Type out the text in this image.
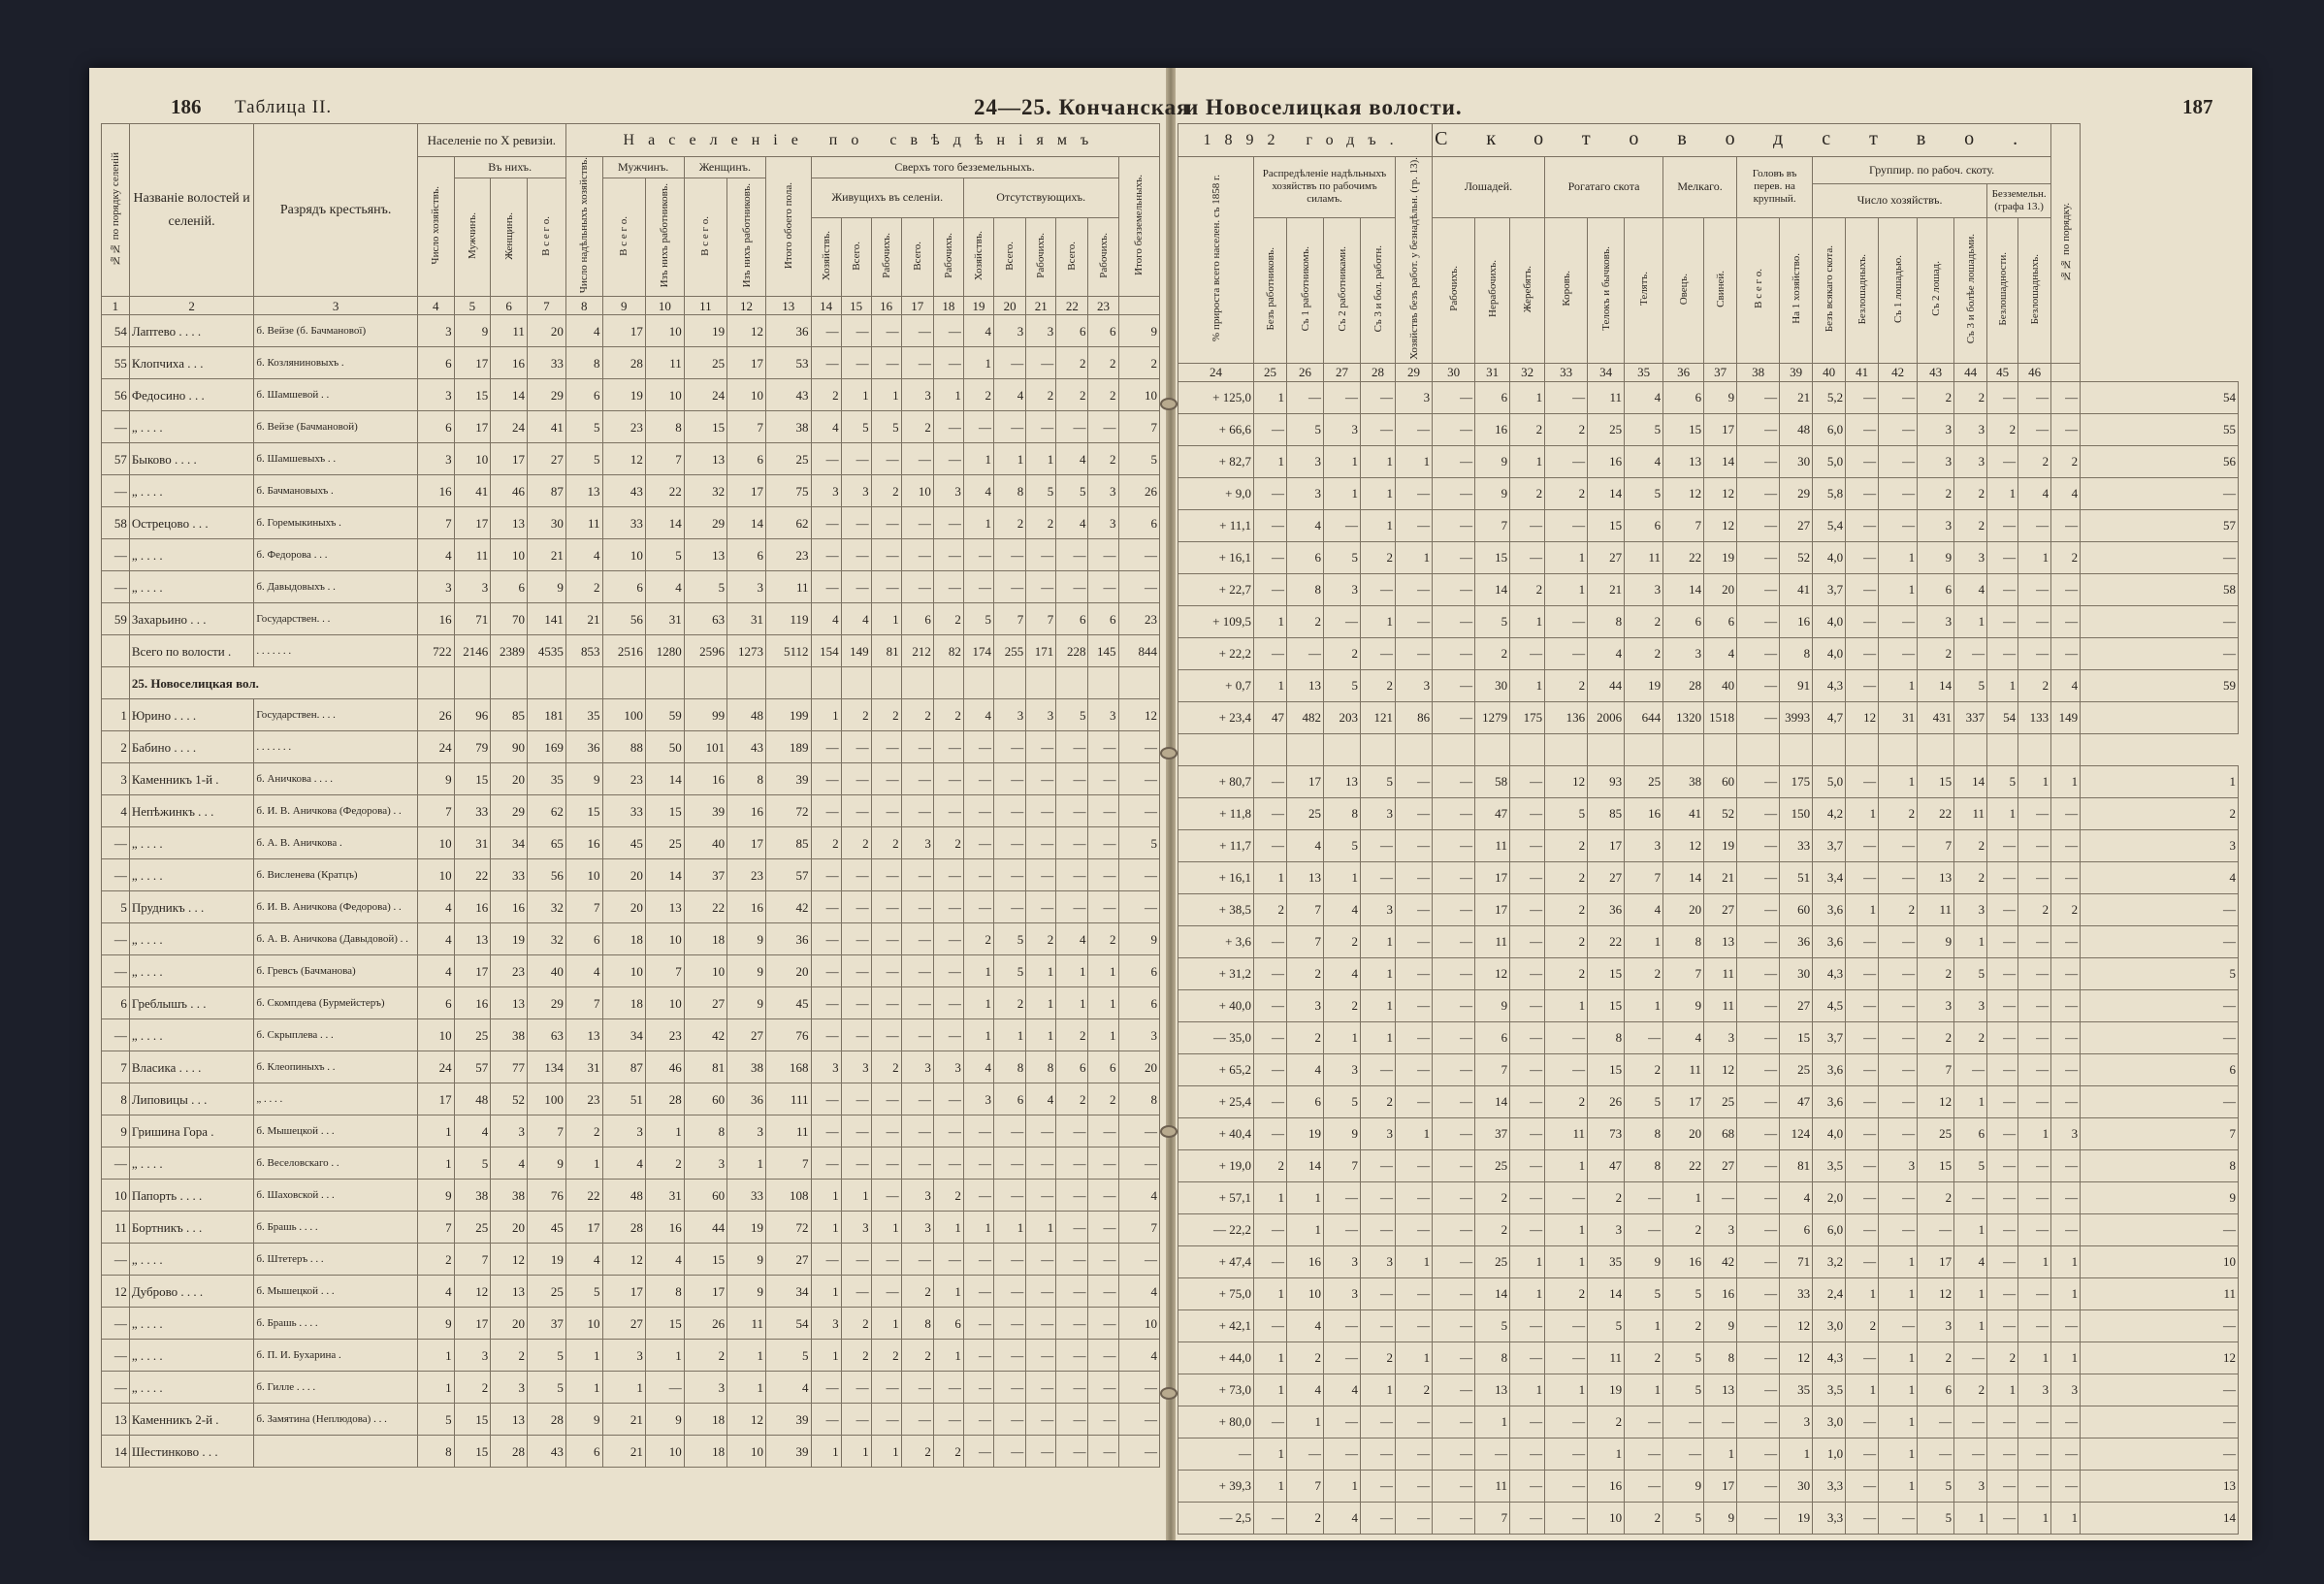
186 Таблица II.	24—25. Кончанская
№№ по порядку селеній	Названіе волостей и селеній.	Разрядъ крестьянъ.	Населеніе по X ревизіи.				Населеніе по свѣдѣніямъ																
			Число хозяйствъ.	Въ нихъ.			Число надѣльныхъ хозяйствъ.	Мужчинъ.		Женщинъ.		Итого обоего пола.	Сверхъ того безземельныхъ.										Итого безземельныхъ.
				Мужчинъ.	Женщинъ.	В с е г о.		В с е г о.	Изъ нихъ работниковъ.	В с е г о.	Изъ нихъ работниковъ.		Живущихъ въ селеніи.					Отсутствующихъ.					
													Хозяйствъ.	Всего.	Рабочихъ.	Всего.	Рабочихъ.	Хозяйствъ.	Всего.	Рабочихъ.	Всего.	Рабочихъ.	
1	2	3	4	5	6	7	8	9	10	11	12	13	14	15	16	17	18	19	20	21	22	23	
54	Лаптево . . . .	б. Вейзе (б. Бачманової)	3	9	11	20	4	17	10	19	12	36	—	—	—	—	—	4	3	3	6	6	9
55	Клопчиха . . .	б. Козляниновыхъ .	6	17	16	33	8	28	11	25	17	53	—	—	—	—	—	1	—	—	2	2	2
56	Федосино . . .	б. Шамшевой . .	3	15	14	29	6	19	10	24	10	43	2	1	1	3	1	2	4	2	2	2	10
—	„ . . . .	б. Вейзе (Бачмановой)	6	17	24	41	5	23	8	15	7	38	4	5	5	2	—	—	—	—	—	—	7
57	Быково . . . .	б. Шамшевыхъ . .	3	10	17	27	5	12	7	13	6	25	—	—	—	—	—	1	1	1	4	2	5
—	„ . . . .	б. Бачмановыхъ .	16	41	46	87	13	43	22	32	17	75	3	3	2	10	3	4	8	5	5	3	26
58	Острецово . . .	б. Горемыкиныхъ .	7	17	13	30	11	33	14	29	14	62	—	—	—	—	—	1	2	2	4	3	6
—	„ . . . .	б. Федорова . . .	4	11	10	21	4	10	5	13	6	23	—	—	—	—	—	—	—	—	—	—	—
—	„ . . . .	б. Давыдовыхъ . .	3	3	6	9	2	6	4	5	3	11	—	—	—	—	—	—	—	—	—	—	—
59	Захарьино . . .	Государствен. . .	16	71	70	141	21	56	31	63	31	119	4	4	1	6	2	5	7	7	6	6	23
	Всего по волости .	. . . . . . .	722	2146	2389	4535	853	2516	1280	2596	1273	5112	154	149	81	212	82	174	255	171	228	145	844
	25. Новоселицкая вол.																						
1	Юрино . . . .	Государствен. . . .	26	96	85	181	35	100	59	99	48	199	1	2	2	2	2	4	3	3	5	3	12
2	Бабино . . . .	. . . . . . .	24	79	90	169	36	88	50	101	43	189	—	—	—	—	—	—	—	—	—	—	—
3	Каменникъ 1-й .	б. Аничкова . . . .	9	15	20	35	9	23	14	16	8	39	—	—	—	—	—	—	—	—	—	—	—
4	Непѣжинкъ . . .	б. И. В. Аничкова (Федорова) . .	7	33	29	62	15	33	15	39	16	72	—	—	—	—	—	—	—	—	—	—	—
—	„ . . . .	б. А. В. Аничкова .	10	31	34	65	16	45	25	40	17	85	2	2	2	3	2	—	—	—	—	—	5
—	„ . . . .	б. Висленева (Кратцъ)	10	22	33	56	10	20	14	37	23	57	—	—	—	—	—	—	—	—	—	—	—
5	Прудникъ . . .	б. И. В. Аничкова (Федорова) . .	4	16	16	32	7	20	13	22	16	42	—	—	—	—	—	—	—	—	—	—	—
—	„ . . . .	б. А. В. Аничкова (Давыдовой) . .	4	13	19	32	6	18	10	18	9	36	—	—	—	—	—	2	5	2	4	2	9
—	„ . . . .	б. Гревсъ (Бачманова)	4	17	23	40	4	10	7	10	9	20	—	—	—	—	—	1	5	1	1	1	6
6	Греблышъ . . .	б. Скомпдева (Бурмейстеръ)	6	16	13	29	7	18	10	27	9	45	—	—	—	—	—	1	2	1	1	1	6
—	„ . . . .	б. Скрыплева . . .	10	25	38	63	13	34	23	42	27	76	—	—	—	—	—	1	1	1	2	1	3
7	Власика . . . .	б. Клеопиныхъ . .	24	57	77	134	31	87	46	81	38	168	3	3	2	3	3	4	8	8	6	6	20
8	Липовицы . . .	„ . . . .	17	48	52	100	23	51	28	60	36	111	—	—	—	—	—	3	6	4	2	2	8
9	Гришина Гора .	б. Мышецкой . . .	1	4	3	7	2	3	1	8	3	11	—	—	—	—	—	—	—	—	—	—	—
—	„ . . . .	б. Веселовскаго . .	1	5	4	9	1	4	2	3	1	7	—	—	—	—	—	—	—	—	—	—	—
10	Папорть . . . .	б. Шаховской . . .	9	38	38	76	22	48	31	60	33	108	1	1	—	3	2	—	—	—	—	—	4
11	Бортникъ . . .	б. Брашь . . . .	7	25	20	45	17	28	16	44	19	72	1	3	1	3	1	1	1	1	—	—	7
—	„ . . . .	б. Штетеръ . . .	2	7	12	19	4	12	4	15	9	27	—	—	—	—	—	—	—	—	—	—	—
12	Дуброво . . . .	б. Мышецкой . . .	4	12	13	25	5	17	8	17	9	34	1	—	—	2	1	—	—	—	—	—	4
—	„ . . . .	б. Брашь . . . .	9	17	20	37	10	27	15	26	11	54	3	2	1	8	6	—	—	—	—	—	10
—	„ . . . .	б. П. И. Бухарина .	1	3	2	5	1	3	1	2	1	5	1	2	2	2	1	—	—	—	—	—	4
—	„ . . . .	б. Гилле . . . .	1	2	3	5	1	1	—	3	1	4	—	—	—	—	—	—	—	—	—	—	—
13	Каменникъ 2-й .	б. Замятина (Неплюдова) . . .	5	15	13	28	9	21	9	18	12	39	—	—	—	—	—	—	—	—	—	—	—
14	Шестинково . . .		8	15	28	43	6	21	10	18	10	39	1	1	1	2	2	—	—	—	—	—	—
и Новоселицкая волости.	187
1892 годъ.						Скотоводство.																	№№ по порядку.	
% прироста всего населен. съ 1858 г.	Распредѣленіе надѣльныхъ хозяйствъ по рабочимъ силамъ.				Хозяйствъ безъ работ. у безнадѣльн. (гр. 13).	Лошадей.			Рогатаго скота			Мелкаго.		Головъ въ перев. на крупный.		Группир. по рабоч. скоту.								
																Число хозяйствъ.					Безземельн. (графа 13.)			

	Безъ работниковъ.	Съ 1 работникомъ.	Съ 2 работниками.	Съ 3 и бол. работн.		Рабочихъ.	Нерабочихъ.	Жеребятъ.	Коровъ.	Телокъ и бычковъ.	Телятъ.	Овецъ.	Свиней.	В с е г о.	На 1 хозяйство.	Безъ всякаго скота.	Безлошадныхъ.	Съ 1 лошадью.	Съ 2 лошад.	Съ 3 и болѣе лошадьми.	Безлошадности.	Безлошадныхъ.		
24	25	26	27	28	29	30	31	32	33	34	35	36	37	38	39	40	41	42	43	44	45	46		
+ 125,0	1	—	—	—	3	—	6	1	—	11	4	6	9	—	21	5,2	—	—	2	2	—	—	—	54
+ 66,6	—	5	3	—	—	—	16	2	2	25	5	15	17	—	48	6,0	—	—	3	3	2	—	—	55
+ 82,7	1	3	1	1	1	—	9	1	—	16	4	13	14	—	30	5,0	—	—	3	3	—	2	2	56
+ 9,0	—	3	1	1	—	—	9	2	2	14	5	12	12	—	29	5,8	—	—	2	2	1	4	4	—
+ 11,1	—	4	—	1	—	—	7	—	—	15	6	7	12	—	27	5,4	—	—	3	2	—	—	—	57
+ 16,1	—	6	5	2	1	—	15	—	1	27	11	22	19	—	52	4,0	—	1	9	3	—	1	2	—
+ 22,7	—	8	3	—	—	—	14	2	1	21	3	14	20	—	41	3,7	—	1	6	4	—	—	—	58
+ 109,5	1	2	—	1	—	—	5	1	—	8	2	6	6	—	16	4,0	—	—	3	1	—	—	—	—
+ 22,2	—	—	2	—	—	—	2	—	—	4	2	3	4	—	8	4,0	—	—	2	—	—	—	—	—
+ 0,7	1	13	5	2	3	—	30	1	2	44	19	28	40	—	91	4,3	—	1	14	5	1	2	4	59
+ 23,4	47	482	203	121	86	—	1279	175	136	2006	644	1320	1518	—	3993	4,7	12	31	431	337	54	133	149	

+ 80,7	—	17	13	5	—	—	58	—	12	93	25	38	60	—	175	5,0	—	1	15	14	5	1	1	1
+ 11,8	—	25	8	3	—	—	47	—	5	85	16	41	52	—	150	4,2	1	2	22	11	1	—	—	2
+ 11,7	—	4	5	—	—	—	11	—	2	17	3	12	19	—	33	3,7	—	—	7	2	—	—	—	3
+ 16,1	1	13	1	—	—	—	17	—	2	27	7	14	21	—	51	3,4	—	—	13	2	—	—	—	4
+ 38,5	2	7	4	3	—	—	17	—	2	36	4	20	27	—	60	3,6	1	2	11	3	—	2	2	—
+ 3,6	—	7	2	1	—	—	11	—	2	22	1	8	13	—	36	3,6	—	—	9	1	—	—	—	—
+ 31,2	—	2	4	1	—	—	12	—	2	15	2	7	11	—	30	4,3	—	—	2	5	—	—	—	5
+ 40,0	—	3	2	1	—	—	9	—	1	15	1	9	11	—	27	4,5	—	—	3	3	—	—	—	—
— 35,0	—	2	1	1	—	—	6	—	—	8	—	4	3	—	15	3,7	—	—	2	2	—	—	—	—
+ 65,2	—	4	3	—	—	—	7	—	—	15	2	11	12	—	25	3,6	—	—	7	—	—	—	—	6
+ 25,4	—	6	5	2	—	—	14	—	2	26	5	17	25	—	47	3,6	—	—	12	1	—	—	—	—
+ 40,4	—	19	9	3	1	—	37	—	11	73	8	20	68	—	124	4,0	—	—	25	6	—	1	3	7
+ 19,0	2	14	7	—	—	—	25	—	1	47	8	22	27	—	81	3,5	—	3	15	5	—	—	—	8
+ 57,1	1	1	—	—	—	—	2	—	—	2	—	1	—	—	4	2,0	—	—	2	—	—	—	—	9
— 22,2	—	1	—	—	—	—	2	—	1	3	—	2	3	—	6	6,0	—	—	—	1	—	—	—	—
+ 47,4	—	16	3	3	1	—	25	1	1	35	9	16	42	—	71	3,2	—	1	17	4	—	1	1	10
+ 75,0	1	10	3	—	—	—	14	1	2	14	5	5	16	—	33	2,4	1	1	12	1	—	—	1	11
+ 42,1	—	4	—	—	—	—	5	—	—	5	1	2	9	—	12	3,0	2	—	3	1	—	—	—	—
+ 44,0	1	2	—	2	1	—	8	—	—	11	2	5	8	—	12	4,3	—	1	2	—	2	1	1	12
+ 73,0	1	4	4	1	2	—	13	1	1	19	1	5	13	—	35	3,5	1	1	6	2	1	3	3	—
+ 80,0	—	1	—	—	—	—	1	—	—	2	—	—	—	—	3	3,0	—	1	—	—	—	—	—	—
—	1	—	—	—	—	—	—	—	—	1	—	—	1	—	1	1,0	—	1	—	—	—	—	—	—
+ 39,3	1	7	1	—	—	—	11	—	—	16	—	9	17	—	30	3,3	—	1	5	3	—	—	—	13
— 2,5	—	2	4	—	—	—	7	—	—	10	2	5	9	—	19	3,3	—	—	5	1	—	1	1	14
